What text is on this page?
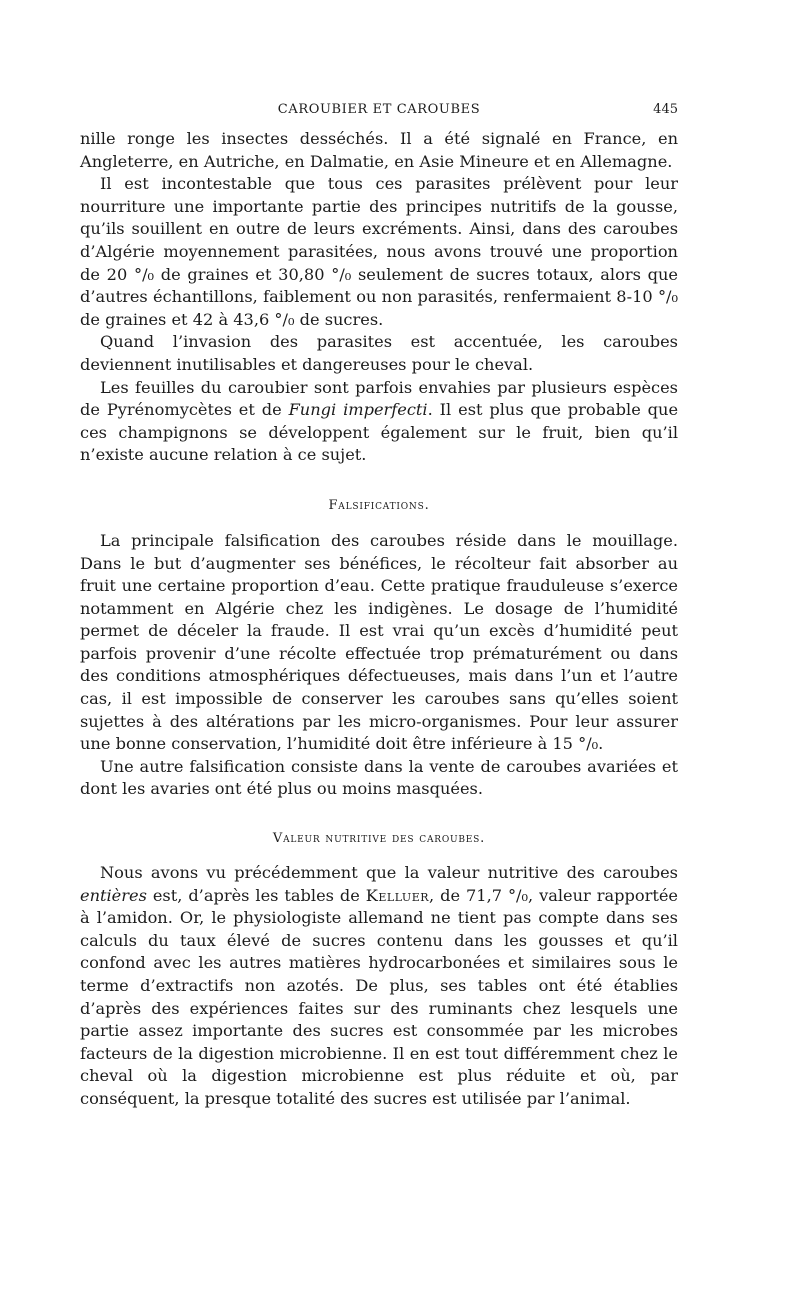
CAROUBIER ET CAROUBES	445

nille ronge les insectes desséchés. Il a été signalé en France, en Angleterre, en Autriche, en Dalmatie, en Asie Mineure et en Allemagne.

Il est incontestable que tous ces parasites prélèvent pour leur nourriture une importante partie des principes nutritifs de la gousse, qu’ils souillent en outre de leurs excréments. Ainsi, dans des caroubes d’Algérie moyennement parasitées, nous avons trouvé une proportion de 20 °/₀ de graines et 30,80 °/₀ seulement de sucres totaux, alors que d’autres échantillons, faiblement ou non parasités, renfermaient 8-10 °/₀ de graines et 42 à 43,6 °/₀ de sucres.

Quand l’invasion des parasites est accentuée, les caroubes deviennent inutilisables et dangereuses pour le cheval.

Les feuilles du caroubier sont parfois envahies par plusieurs espèces de Pyrénomycètes et de Fungi imperfecti. Il est plus que probable que ces champignons se développent également sur le fruit, bien qu’il n’existe aucune relation à ce sujet.

Falsifications.

La principale falsification des caroubes réside dans le mouillage. Dans le but d’augmenter ses bénéfices, le récolteur fait absorber au fruit une certaine proportion d’eau. Cette pratique frauduleuse s’exerce notamment en Algérie chez les indigènes. Le dosage de l’humidité permet de déceler la fraude. Il est vrai qu’un excès d’humidité peut parfois provenir d’une récolte effectuée trop prématurément ou dans des conditions atmosphériques défectueuses, mais dans l’un et l’autre cas, il est impossible de conserver les caroubes sans qu’elles soient sujettes à des altérations par les micro-organismes. Pour leur assurer une bonne conservation, l’humidité doit être inférieure à 15 °/₀.

Une autre falsification consiste dans la vente de caroubes avariées et dont les avaries ont été plus ou moins masquées.

Valeur nutritive des caroubes.

Nous avons vu précédemment que la valeur nutritive des caroubes entières est, d’après les tables de Kelluer, de 71,7 °/₀, valeur rapportée à l’amidon. Or, le physiologiste allemand ne tient pas compte dans ses calculs du taux élevé de sucres contenu dans les gousses et qu’il confond avec les autres matières hydrocarbonées et similaires sous le terme d’extractifs non azotés. De plus, ses tables ont été établies d’après des expériences faites sur des ruminants chez lesquels une partie assez importante des sucres est consommée par les microbes facteurs de la digestion microbienne. Il en est tout différemment chez le cheval où la digestion microbienne est plus réduite et où, par conséquent, la presque totalité des sucres est utilisée par l’animal.
